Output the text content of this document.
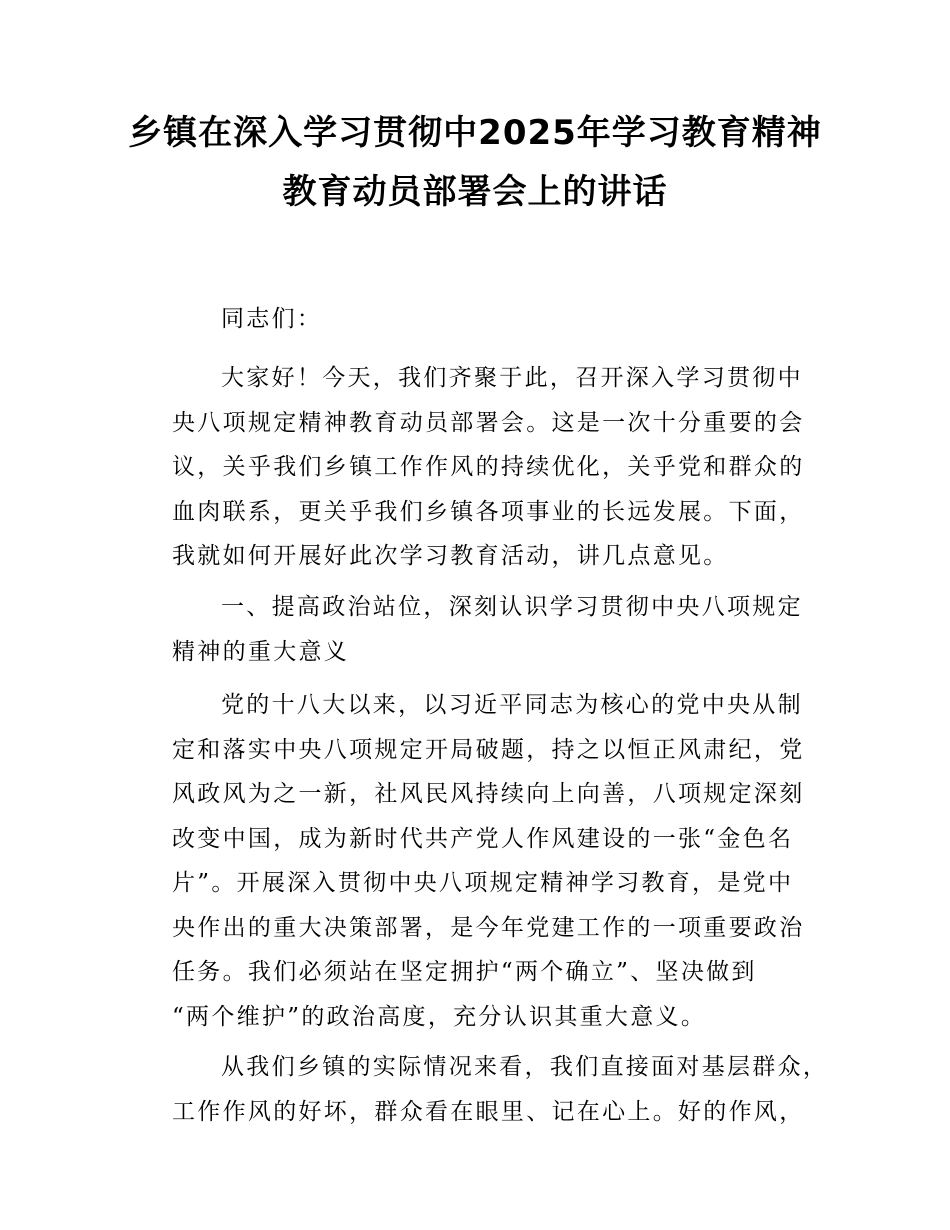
乡镇在深入学习贯彻中2025年学习教育精神
教育动员部署会上的讲话

同志们：

大家好！今天，我们齐聚于此，召开深入学习贯彻中
央八项规定精神教育动员部署会。这是一次十分重要的会
议，关乎我们乡镇工作作风的持续优化，关乎党和群众的
血肉联系，更关乎我们乡镇各项事业的长远发展。下面，
我就如何开展好此次学习教育活动，讲几点意见。

一、提高政治站位，深刻认识学习贯彻中央八项规定
精神的重大意义

党的十八大以来，以习近平同志为核心的党中央从制
定和落实中央八项规定开局破题，持之以恒正风肃纪，党
风政风为之一新，社风民风持续向上向善，八项规定深刻
改变中国，成为新时代共产党人作风建设的一张“金色名
片”。开展深入贯彻中央八项规定精神学习教育，是党中
央作出的重大决策部署，是今年党建工作的一项重要政治
任务。我们必须站在坚定拥护“两个确立”、坚决做到
“两个维护”的政治高度，充分认识其重大意义。

从我们乡镇的实际情况来看，我们直接面对基层群众，
工作作风的好坏，群众看在眼里、记在心上。好的作风，
